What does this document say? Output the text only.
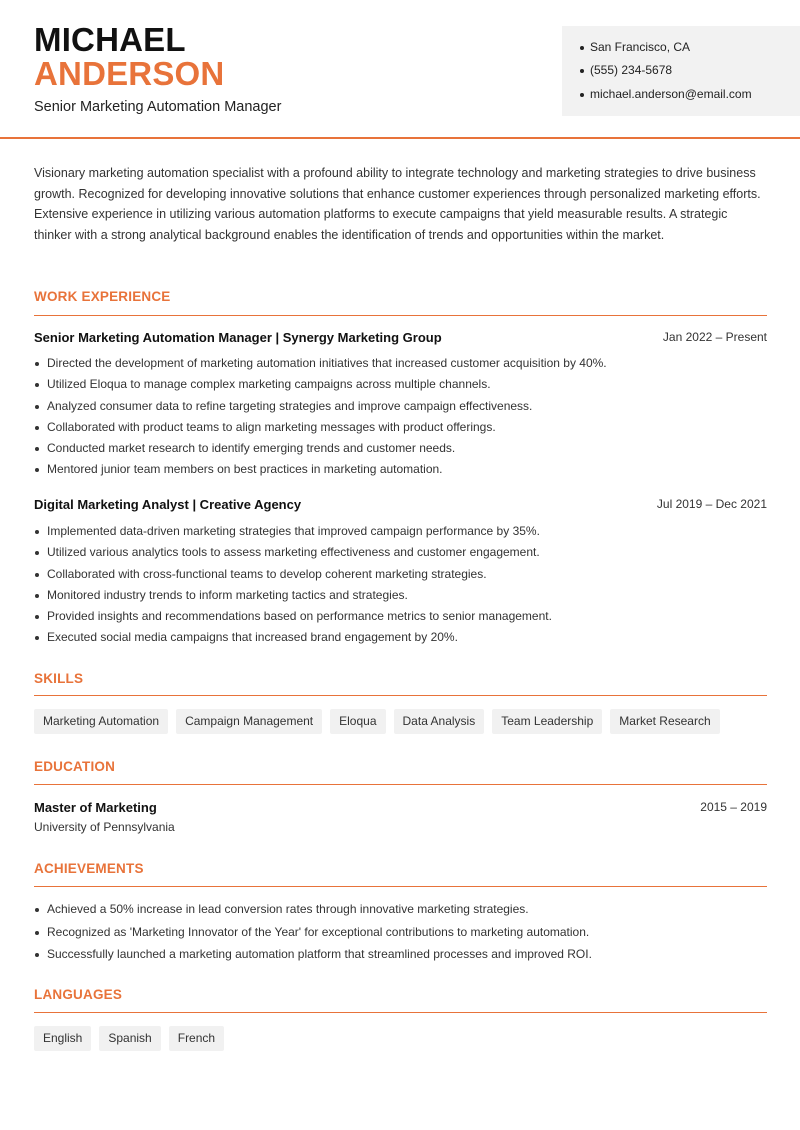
MICHAEL
ANDERSON
Senior Marketing Automation Manager
San Francisco, CA
(555) 234-5678
michael.anderson@email.com
Visionary marketing automation specialist with a profound ability to integrate technology and marketing strategies to drive business growth. Recognized for developing innovative solutions that enhance customer experiences through personalized marketing efforts. Extensive experience in utilizing various automation platforms to execute campaigns that yield measurable results. A strategic thinker with a strong analytical background enables the identification of trends and opportunities within the market.
WORK EXPERIENCE
Senior Marketing Automation Manager | Synergy Marketing Group	Jan 2022 – Present
Directed the development of marketing automation initiatives that increased customer acquisition by 40%.
Utilized Eloqua to manage complex marketing campaigns across multiple channels.
Analyzed consumer data to refine targeting strategies and improve campaign effectiveness.
Collaborated with product teams to align marketing messages with product offerings.
Conducted market research to identify emerging trends and customer needs.
Mentored junior team members on best practices in marketing automation.
Digital Marketing Analyst | Creative Agency	Jul 2019 – Dec 2021
Implemented data-driven marketing strategies that improved campaign performance by 35%.
Utilized various analytics tools to assess marketing effectiveness and customer engagement.
Collaborated with cross-functional teams to develop coherent marketing strategies.
Monitored industry trends to inform marketing tactics and strategies.
Provided insights and recommendations based on performance metrics to senior management.
Executed social media campaigns that increased brand engagement by 20%.
SKILLS
Marketing Automation	Campaign Management	Eloqua	Data Analysis	Team Leadership	Market Research
EDUCATION
Master of Marketing	2015 – 2019
University of Pennsylvania
ACHIEVEMENTS
Achieved a 50% increase in lead conversion rates through innovative marketing strategies.
Recognized as 'Marketing Innovator of the Year' for exceptional contributions to marketing automation.
Successfully launched a marketing automation platform that streamlined processes and improved ROI.
LANGUAGES
English	Spanish	French
